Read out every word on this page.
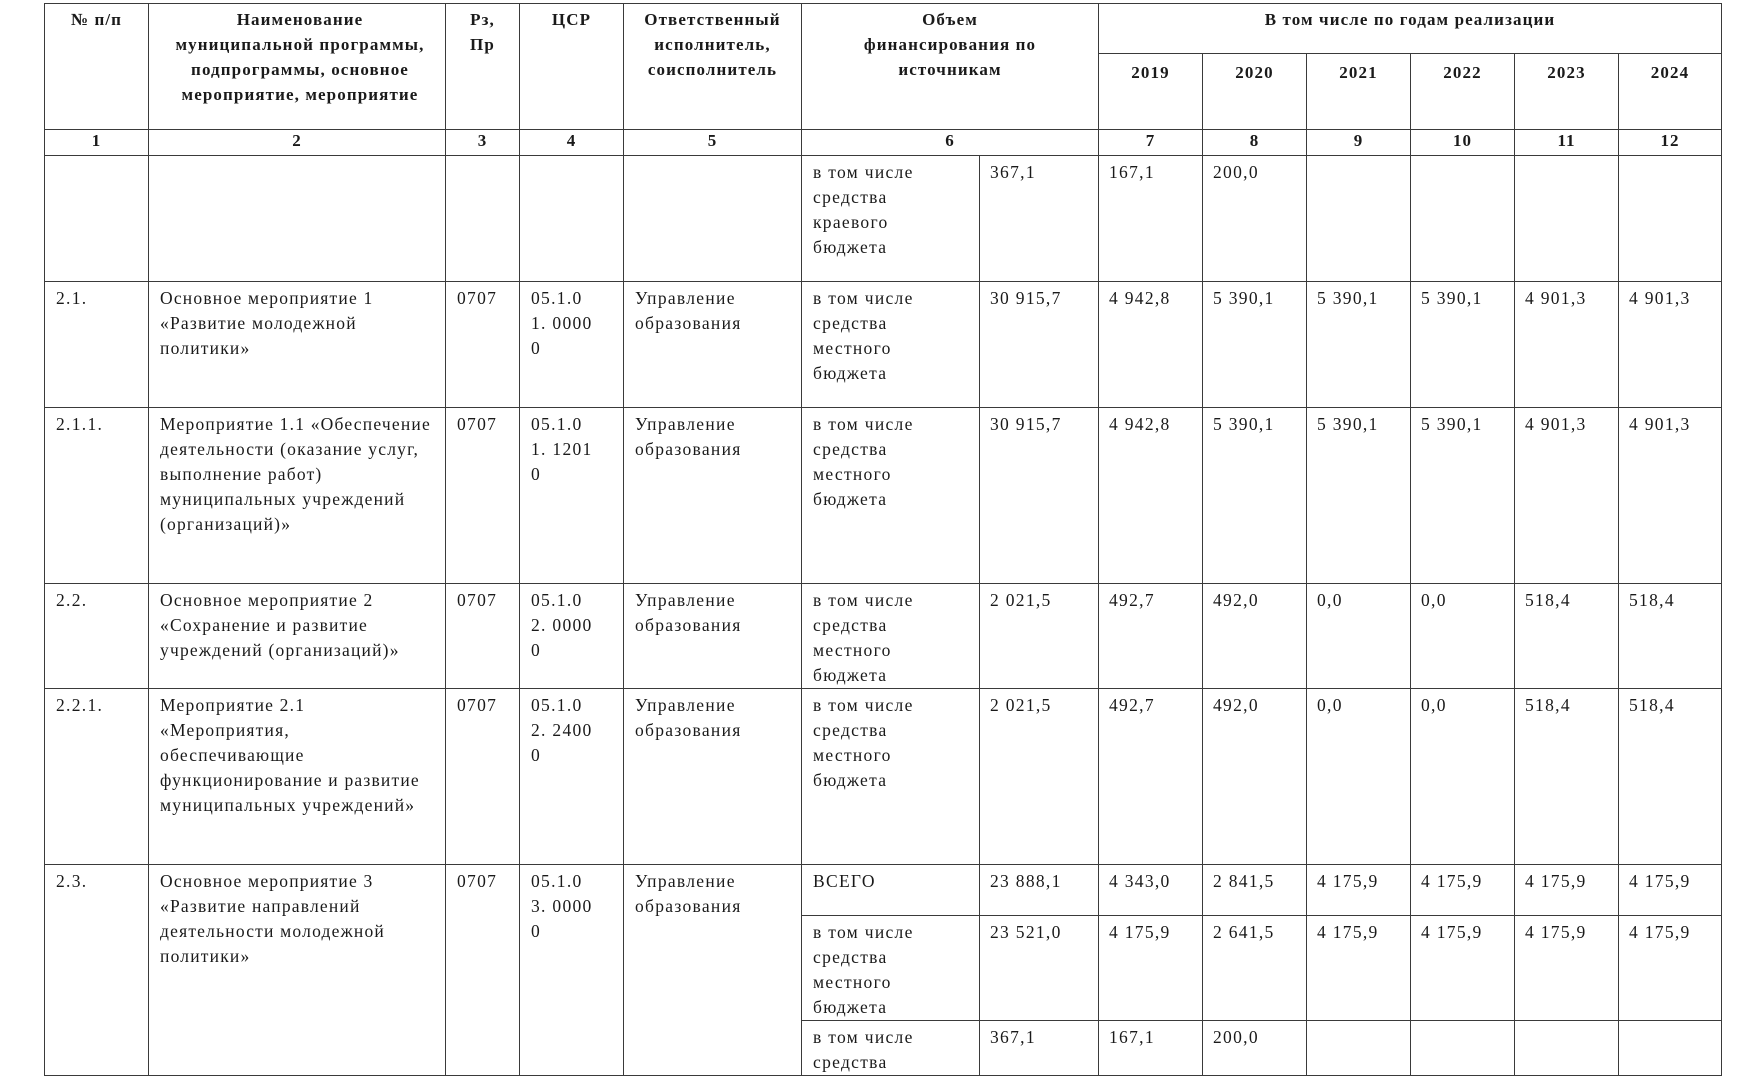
№ п/п	Наименование муниципальной программы, подпрограммы, основное мероприятие, мероприятие	Рз, Пр	ЦСР	Ответственный исполнитель, соисполнитель	Объем финансирования по источникам		В том числе по годам реализации					
							2019	2020	2021	2022	2023	2024
1	2	3	4	5	6		7	8	9	10	11	12
					в том числе средства краевого бюджета	367,1	167,1	200,0				
2.1.	Основное мероприятие 1 «Развитие молодежной политики»	0707	05.1.01. 00000	Управление образования	в том числе средства местного бюджета	30 915,7	4 942,8	5 390,1	5 390,1	5 390,1	4 901,3	4 901,3
2.1.1.	Мероприятие 1.1 «Обеспечение деятельности (оказание услуг, выполнение работ) муниципальных учреждений (организаций)»	0707	05.1.01. 12010	Управление образования	в том числе средства местного бюджета	30 915,7	4 942,8	5 390,1	5 390,1	5 390,1	4 901,3	4 901,3
2.2.	Основное мероприятие 2 «Сохранение и развитие учреждений (организаций)»	0707	05.1.02. 00000	Управление образования	в том числе средства местного бюджета	2 021,5	492,7	492,0	0,0	0,0	518,4	518,4
2.2.1.	Мероприятие 2.1 «Мероприятия, обеспечивающие функционирование и развитие муниципальных учреждений»	0707	05.1.02. 24000	Управление образования	в том числе средства местного бюджета	2 021,5	492,7	492,0	0,0	0,0	518,4	518,4
2.3.	Основное мероприятие 3 «Развитие направлений деятельности молодежной политики»	0707	05.1.03. 00000	Управление образования	ВСЕГО	23 888,1	4 343,0	2 841,5	4 175,9	4 175,9	4 175,9	4 175,9
					в том числе средства местного бюджета	23 521,0	4 175,9	2 641,5	4 175,9	4 175,9	4 175,9	4 175,9
					в том числе средства	367,1	167,1	200,0				
